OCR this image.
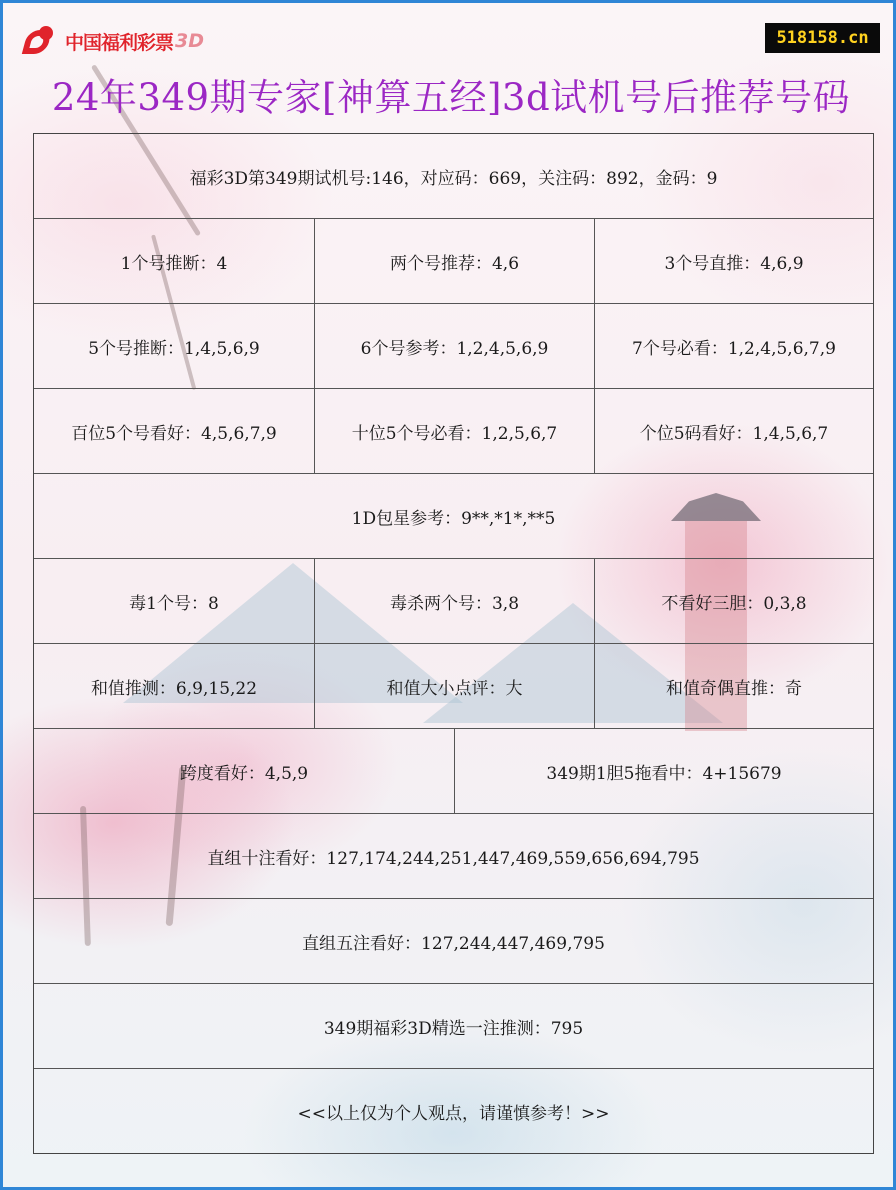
中国福利彩票 3D	518158.cn
24年349期专家[神算五经]3d试机号后推荐号码
福彩3D第349期试机号:146，对应码：669，关注码：892，金码：9
1个号推断：4	两个号推荐：4,6	3个号直推：4,6,9
5个号推断：1,4,5,6,9	6个号参考：1,2,4,5,6,9	7个号必看：1,2,4,5,6,7,9
百位5个号看好：4,5,6,7,9	十位5个号必看：1,2,5,6,7	个位5码看好：1,4,5,6,7
1D包星参考：9**,*1*,**5
毒1个号：8	毒杀两个号：3,8	不看好三胆：0,3,8
和值推测：6,9,15,22	和值大小点评：大	和值奇偶直推：奇
跨度看好：4,5,9	349期1胆5拖看中：4+15679
直组十注看好：127,174,244,251,447,469,559,656,694,795
直组五注看好：127,244,447,469,795
349期福彩3D精选一注推测：795
<<以上仅为个人观点，请谨慎参考！>>
